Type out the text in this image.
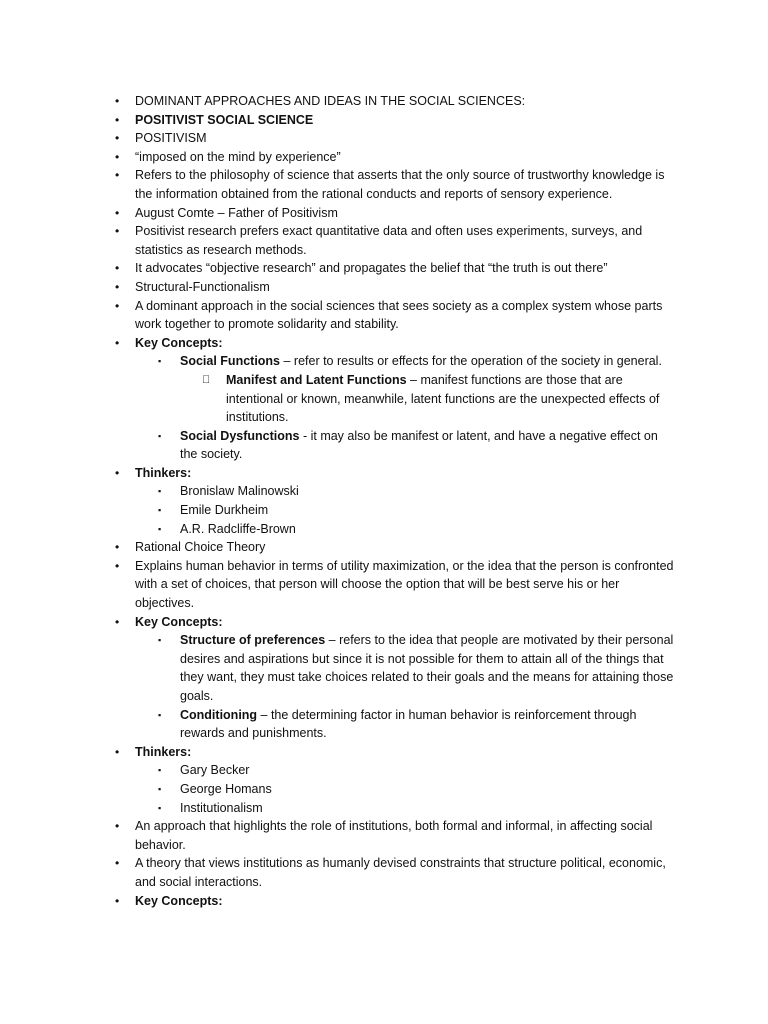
• DOMINANT APPROACHES AND IDEAS IN THE SOCIAL SCIENCES:
• POSITIVIST SOCIAL SCIENCE
• POSITIVISM
• “imposed on the mind by experience”
• Refers to the philosophy of science that asserts that the only source of trustworthy knowledge is the information obtained from the rational conducts and reports of sensory experience.
• August Comte – Father of Positivism
• Positivist research prefers exact quantitative data and often uses experiments, surveys, and statistics as research methods.
• It advocates “objective research” and propagates the belief that “the truth is out there”
• Structural-Functionalism
• A dominant approach in the social sciences that sees society as a complex system whose parts work together to promote solidarity and stability.
• Key Concepts:
▪ Social Functions – refer to results or effects for the operation of the society in general.
Manifest and Latent Functions – manifest functions are those that are intentional or known, meanwhile, latent functions are the unexpected effects of institutions.
▪ Social Dysfunctions - it may also be manifest or latent, and have a negative effect on the society.
• Thinkers:
▪ Bronislaw Malinowski
▪ Emile Durkheim
▪ A.R. Radcliffe-Brown
• Rational Choice Theory
• Explains human behavior in terms of utility maximization, or the idea that the person is confronted with a set of choices, that person will choose the option that will be best serve his or her objectives.
• Key Concepts:
▪ Structure of preferences – refers to the idea that people are motivated by their personal desires and aspirations but since it is not possible for them to attain all of the things that they want, they must take choices related to their goals and the means for attaining those goals.
▪ Conditioning – the determining factor in human behavior is reinforcement through rewards and punishments.
• Thinkers:
▪ Gary Becker
▪ George Homans
▪ Institutionalism
• An approach that highlights the role of institutions, both formal and informal, in affecting social behavior.
• A theory that views institutions as humanly devised constraints that structure political, economic, and social interactions.
• Key Concepts:
